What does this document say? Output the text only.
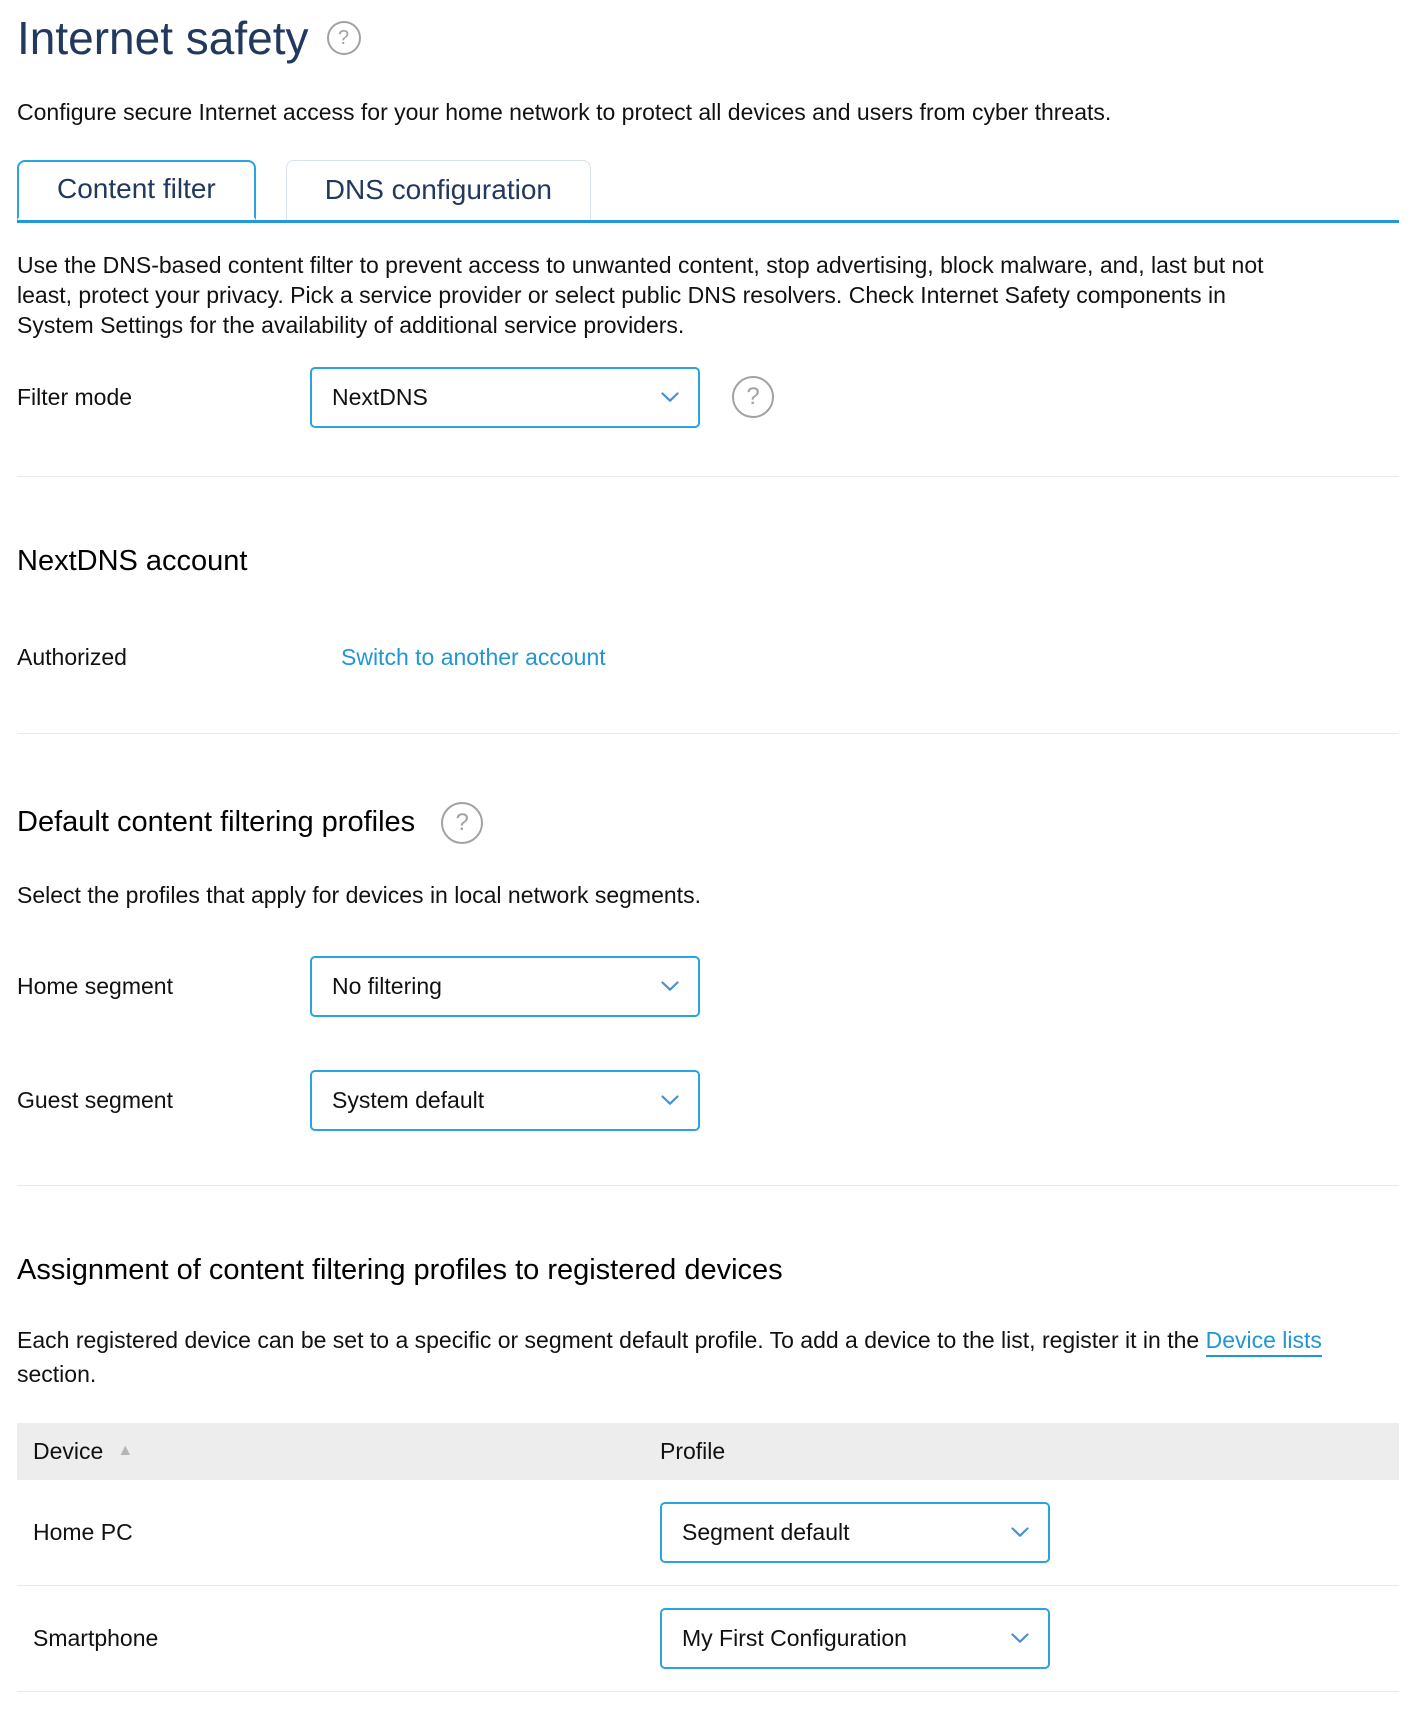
Internet safety ?

Configure secure Internet access for your home network to protect all devices and users from cyber threats.

Content filter	DNS configuration

Use the DNS-based content filter to prevent access to unwanted content, stop advertising, block malware, and, last but not least, protect your privacy. Pick a service provider or select public DNS resolvers. Check Internet Safety components in System Settings for the availability of additional service providers.

Filter mode	NextDNS	?
NextDNS account
Authorized	Switch to another account
Default content filtering profiles ?

Select the profiles that apply for devices in local network segments.

Home segment	No filtering
Guest segment	System default
Assignment of content filtering profiles to registered devices

Each registered device can be set to a specific or segment default profile. To add a device to the list, register it in the Device lists section.

Device ▲	Profile
Home PC	Segment default
Smartphone	My First Configuration
